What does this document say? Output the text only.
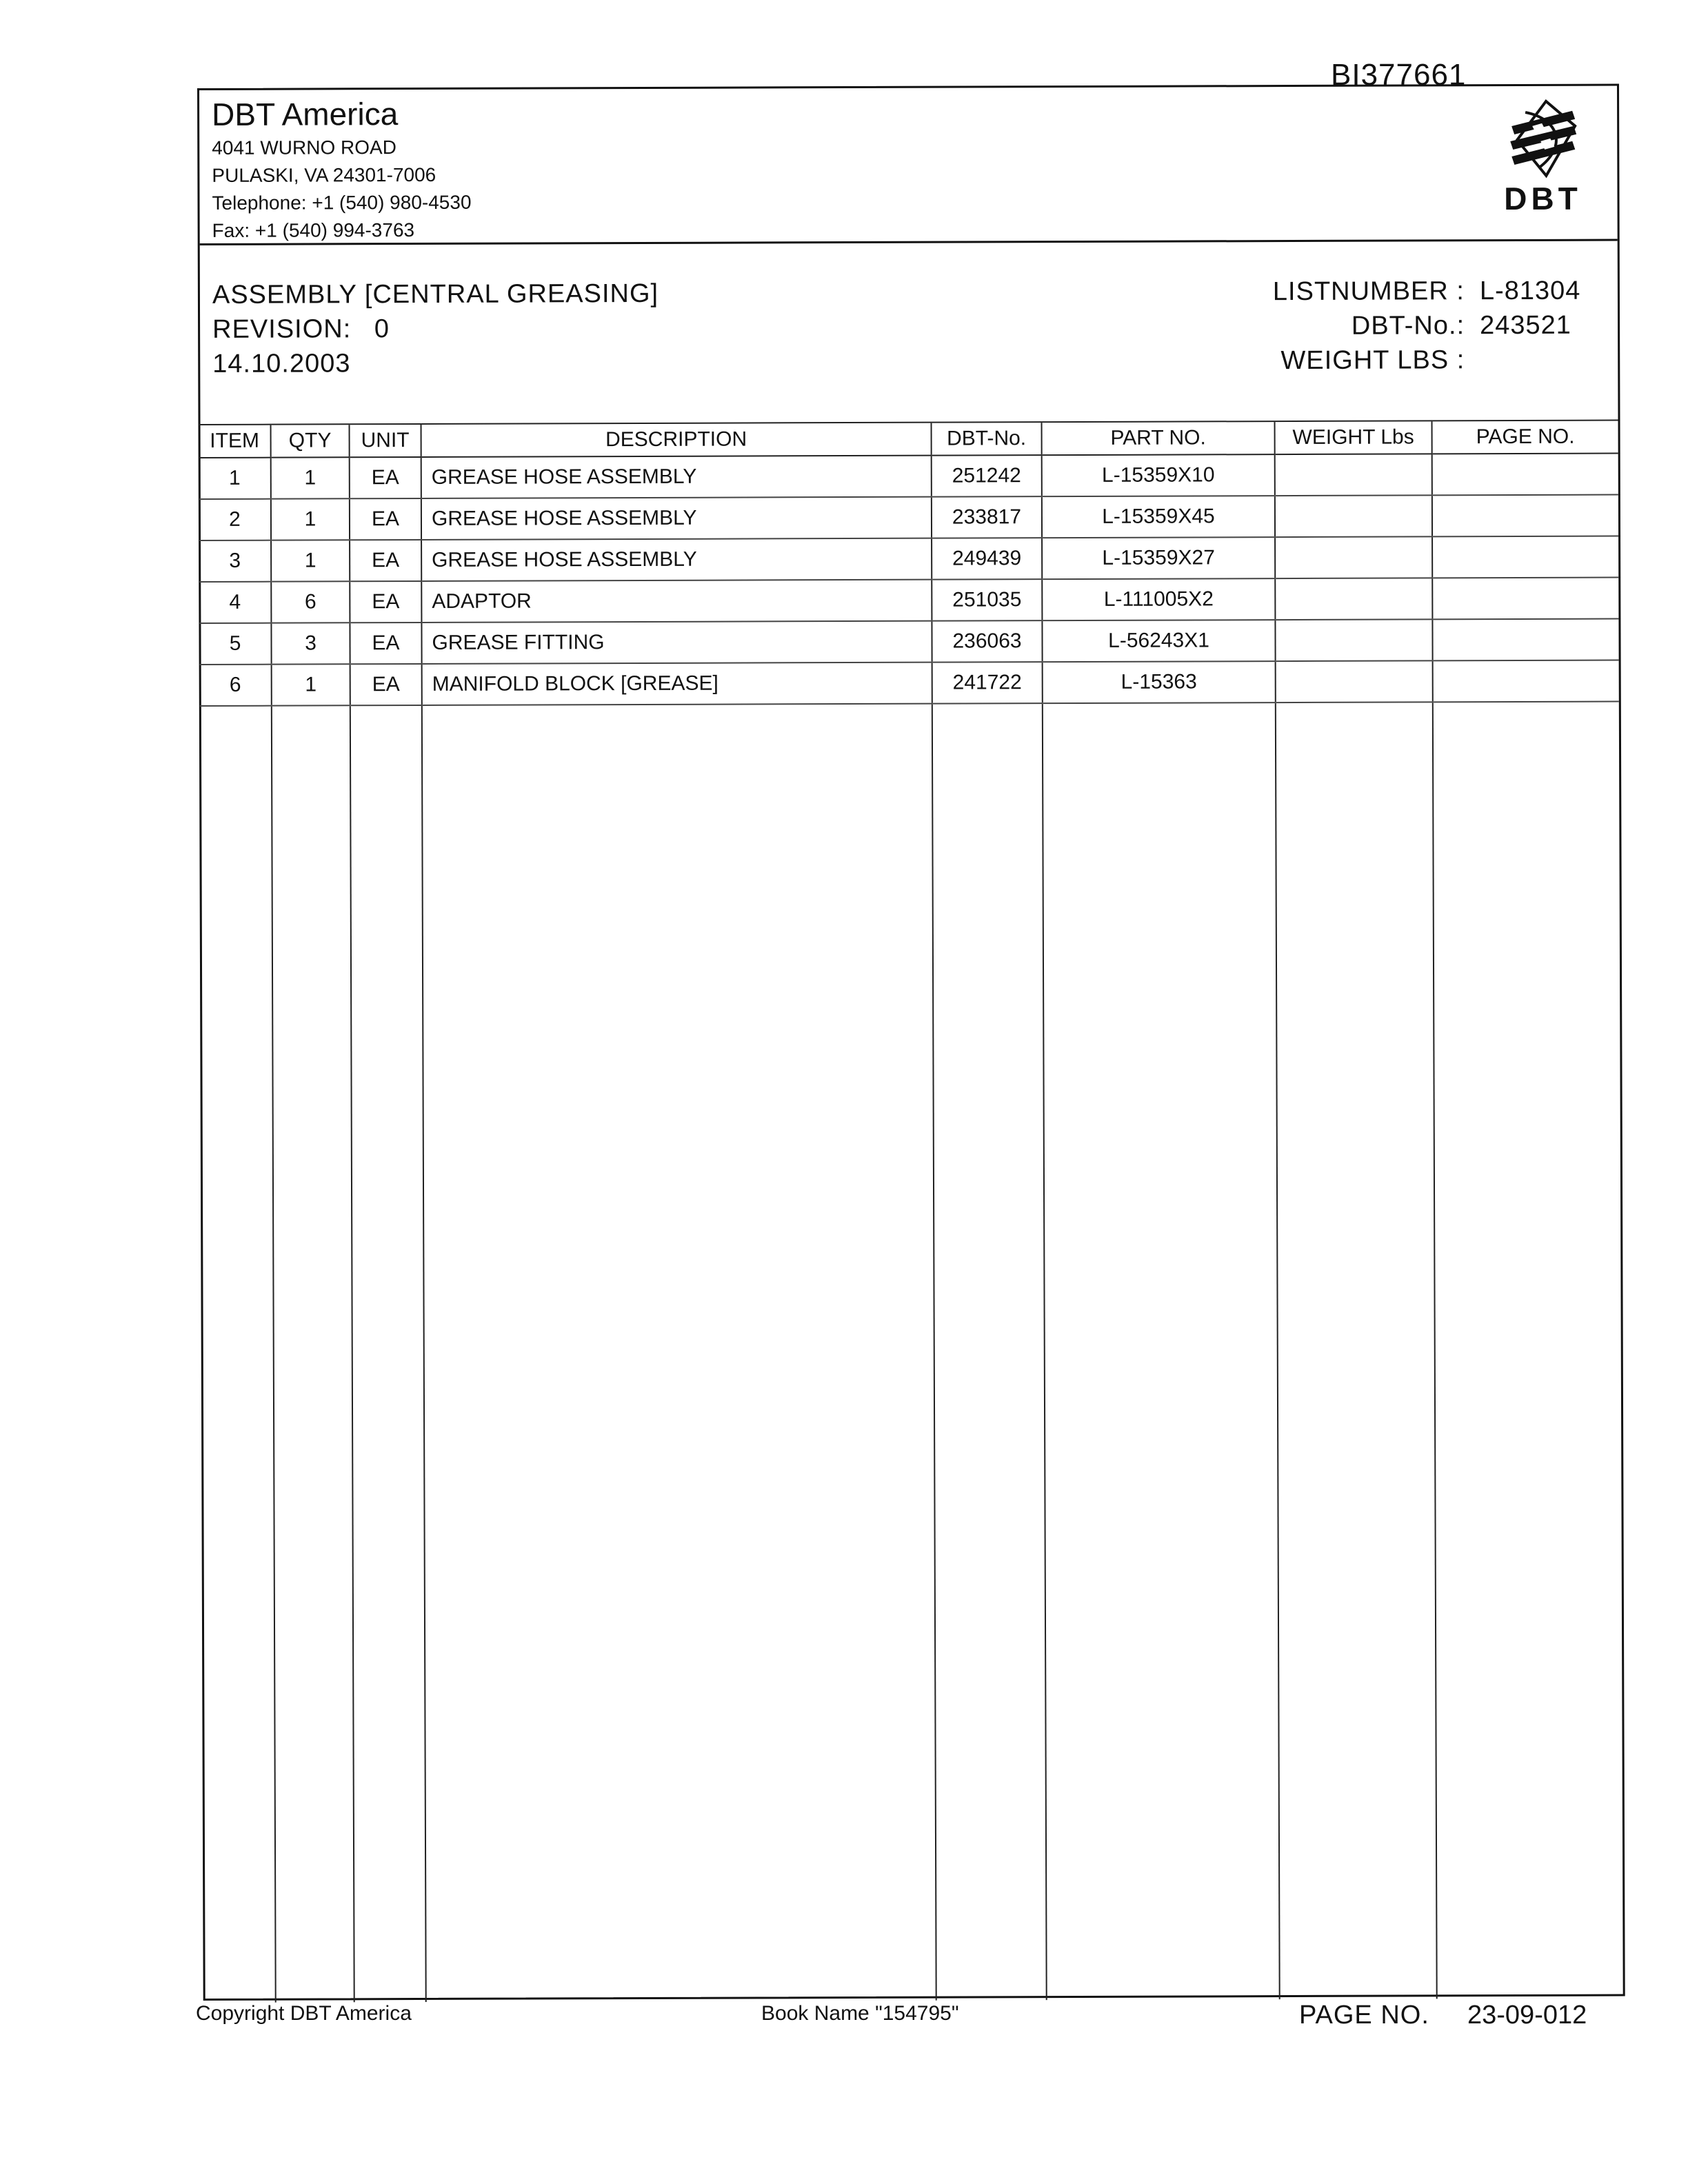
BI377661
DBT America
4041 WURNO ROAD
PULASKI, VA 24301-7006
Telephone: +1 (540) 980-4530
Fax: +1 (540) 994-3763
DBT
ASSEMBLY [CENTRAL GREASING]
REVISION: 0
14.10.2003
LISTNUMBER : L-81304
DBT-No.: 243521
WEIGHT LBS :
ITEM	QTY	UNIT	DESCRIPTION	DBT-No.	PART NO.	WEIGHT Lbs	PAGE NO.
1	1	EA	GREASE HOSE ASSEMBLY	251242	L-15359X10		
2	1	EA	GREASE HOSE ASSEMBLY	233817	L-15359X45		
3	1	EA	GREASE HOSE ASSEMBLY	249439	L-15359X27		
4	6	EA	ADAPTOR	251035	L-111005X2		
5	3	EA	GREASE FITTING	236063	L-56243X1		
6	1	EA	MANIFOLD BLOCK [GREASE]	241722	L-15363		

Copyright DBT America	Book Name "154795"	PAGE NO. 23-09-012
